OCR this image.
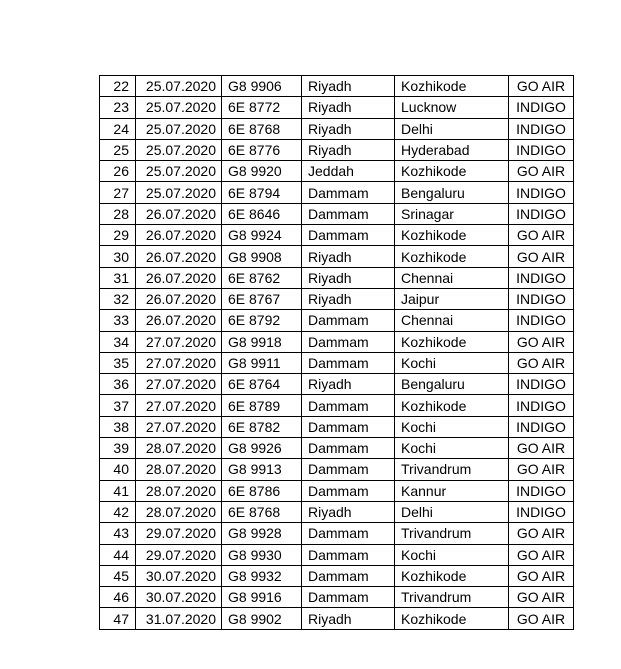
22	25.07.2020	G8 9906	Riyadh	Kozhikode	GO AIR
23	25.07.2020	6E 8772	Riyadh	Lucknow	INDIGO
24	25.07.2020	6E 8768	Riyadh	Delhi	INDIGO
25	25.07.2020	6E 8776	Riyadh	Hyderabad	INDIGO
26	25.07.2020	G8 9920	Jeddah	Kozhikode	GO AIR
27	25.07.2020	6E 8794	Dammam	Bengaluru	INDIGO
28	26.07.2020	6E 8646	Dammam	Srinagar	INDIGO
29	26.07.2020	G8 9924	Dammam	Kozhikode	GO AIR
30	26.07.2020	G8 9908	Riyadh	Kozhikode	GO AIR
31	26.07.2020	6E 8762	Riyadh	Chennai	INDIGO
32	26.07.2020	6E 8767	Riyadh	Jaipur	INDIGO
33	26.07.2020	6E 8792	Dammam	Chennai	INDIGO
34	27.07.2020	G8 9918	Dammam	Kozhikode	GO AIR
35	27.07.2020	G8 9911	Dammam	Kochi	GO AIR
36	27.07.2020	6E 8764	Riyadh	Bengaluru	INDIGO
37	27.07.2020	6E 8789	Dammam	Kozhikode	INDIGO
38	27.07.2020	6E 8782	Dammam	Kochi	INDIGO
39	28.07.2020	G8 9926	Dammam	Kochi	GO AIR
40	28.07.2020	G8 9913	Dammam	Trivandrum	GO AIR
41	28.07.2020	6E 8786	Dammam	Kannur	INDIGO
42	28.07.2020	6E 8768	Riyadh	Delhi	INDIGO
43	29.07.2020	G8 9928	Dammam	Trivandrum	GO AIR
44	29.07.2020	G8 9930	Dammam	Kochi	GO AIR
45	30.07.2020	G8 9932	Dammam	Kozhikode	GO AIR
46	30.07.2020	G8 9916	Dammam	Trivandrum	GO AIR
47	31.07.2020	G8 9902	Riyadh	Kozhikode	GO AIR
